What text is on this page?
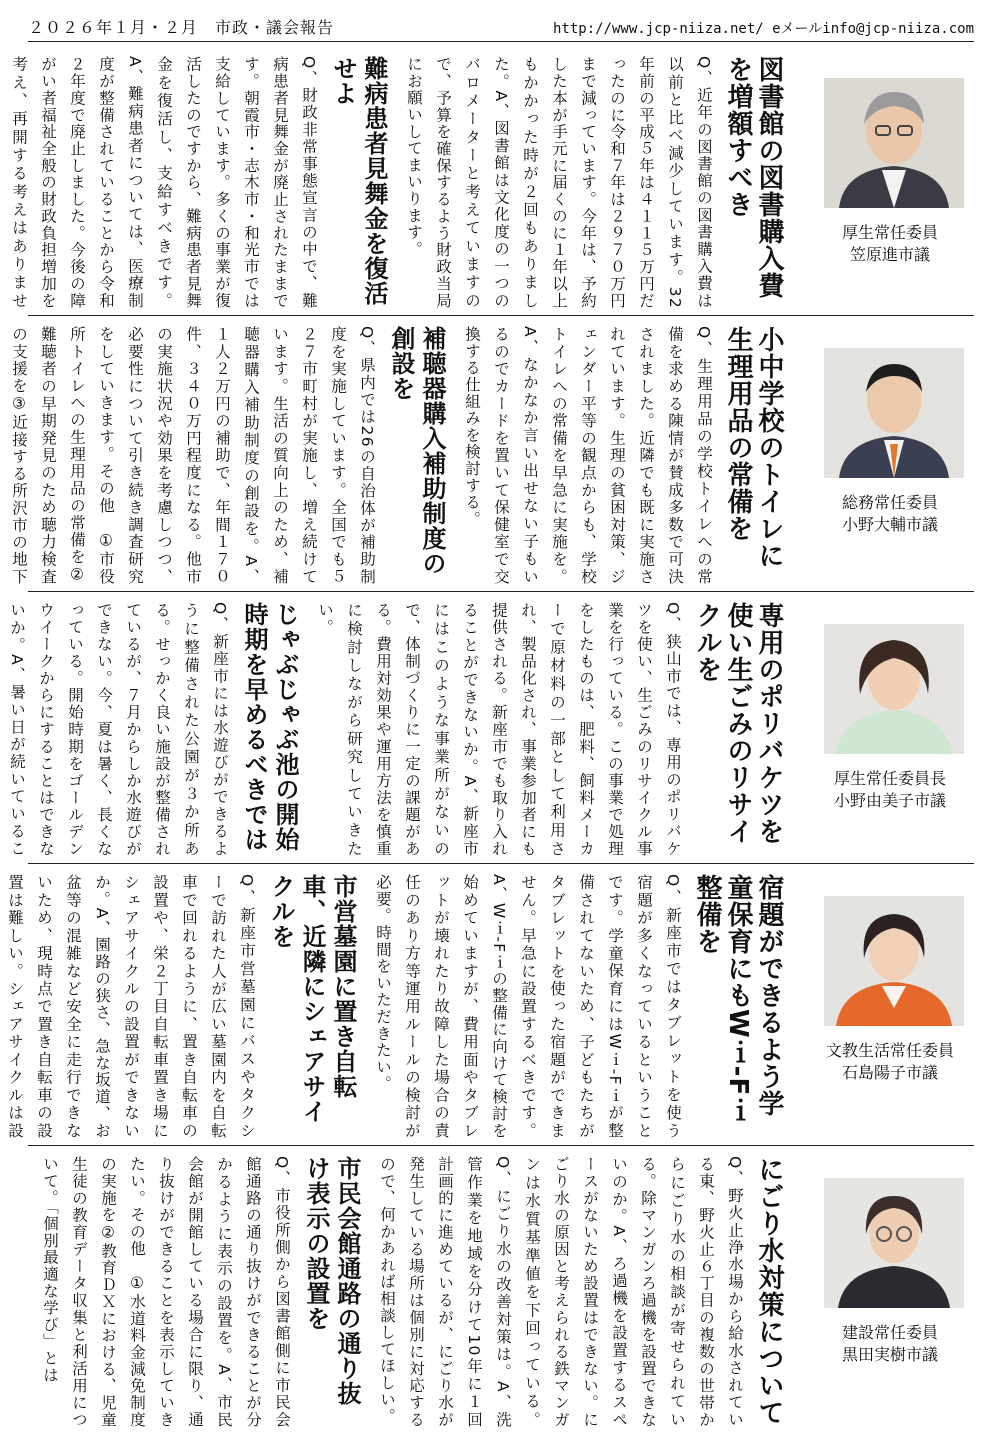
２０２６年１月・２月　市政・議会報告	http://www.jcp-niiza.net/ eメールinfo@jcp-niiza.com
図書館の図書購入費を増額すべき

Q、近年の図書館の図書購入費は以前と比べ減少しています。32年前の平成５年は４１１５万円だったのに令和７年は２９７０万円まで減っています。今年は、予約した本が手元に届くのに１年以上もかかった時が２回もありました。A、図書館は文化度の一つのバロメーターと考えていますので、予算を確保するよう財政当局にお願いしてまいります。

難病患者見舞金を復活せよ

Q、財政非常事態宣言の中で、難病患者見舞金が廃止されたままです。朝霞市・志木市・和光市では支給しています。多くの事業が復活したのですから、難病患者見舞金を復活し、支給すべきです。A、難病患者については、医療制度が整備されていることから令和２年度で廃止しました。今後の障がい者福祉全般の財政負担増加を考え、再開する考えはありませ　

厚生常任委員
笠原進市議
小中学校のトイレに生理用品の常備を

Q、生理用品の学校トイレへの常備を求める陳情が賛成多数で可決されました。近隣でも既に実施されています。生理の貧困対策、ジェンダー平等の観点からも、学校トイレへの常備を早急に実施を。A、なかなか言い出せない子もいるのでカードを置いて保健室で交換する仕組みを検討する。

補聴器購入補助制度の創設を

Q、県内では26の自治体が補助制度を実施しています。全国でも５２７市町村が実施し、増え続けています。生活の質向上のため、補聴器購入補助制度の創設を。A、１人２万円の補助で、年間１７０件、３４０万円程度になる。他市の実施状況や効果を考慮しつつ、必要性について引き続き調査研究をしていきます。その他　①市役所トイレへの生理用品の常備を②難聴者の早期発見のため聴力検査の支援を③近接する所沢市の地下

総務常任委員
小野大輔市議
専用のポリバケツを使い生ごみのリサイクルを

Q、狭山市では、専用のポリバケツを使い、生ごみのリサイクル事業を行っている。この事業で処理をしたものは、肥料、飼料メーカーで原材料の一部として利用され、製品化され、事業参加者にも提供される。新座市でも取り入れることができないか。A、新座市にはこのような事業所がないので、体制づくりに一定の課題がある。費用対効果や運用方法を慎重に検討しながら研究していきたい。

じゃぶじゃぶ池の開始時期を早めるべきでは

Q、新座市には水遊びができるように整備された公園が３か所ある。せっかく良い施設が整備されているが、７月からしか水遊びができない。今、夏は暑く、長くなっている。開始時期をゴールデンウイークからにすることはできないか。A、暑い日が続いているこ

厚生常任委員長
小野由美子市議
宿題ができるよう学童保育にもWｉ-Fｉ整備を

Q、新座市ではタブレットを使う宿題が多くなっているということです。学童保育にはWｉ-Fｉが整備されてないため、子どもたちがタブレットを使った宿題ができません。早急に設置するべきです。A、Wｉ-Fｉの整備に向けて検討を始めていますが、費用面やタブレットが壊れたり故障した場合の責任のあり方等運用ルールの検討が必要。時間をいただきたい。

市営墓園に置き自転車、近隣にシェアサイクルを

Q、新座市営墓園にバスやタクシーで訪れた人が広い墓園内を自転車で回れるように、置き自転車の設置や、栄２丁目自転車置き場にシェアサイクルの設置ができないか。A、園路の狭さ、急な坂道、お盆等の混雑など安全に走行できないため、現時点で置き自転車の設置は難しい。シェアサイクルは設　

文教生活常任委員
石島陽子市議
にごり水対策について

Q、野火止浄水場から給水されている東、野火止６丁目の複数の世帯からにごり水の相談が寄せられている。除マンガンろ過機を設置できないのか。A、ろ過機を設置するスペースがないため設置はできない。にごり水の原因と考えられる鉄マンガンは水質基準値を下回っている。Q、にごり水の改善対策は。A、洗管作業を地域を分けて10年に１回計画的に進めているが、にごり水が発生している場所は個別に対応するので、何かあれば相談してほしい。

市民会館通路の通り抜け表示の設置を

Q、市役所側から図書館側に市民会館通路の通り抜けができることが分かるように表示の設置を。A、市民会館が開館している場合に限り、通り抜けができることを表示していきたい。その他　①水道料金減免制度の実施を②教育ＤＸにおける、児童生徒の教育データ収集と利活用について。「個別最適な学び」とは	建設常任委員
黒田実樹市議
